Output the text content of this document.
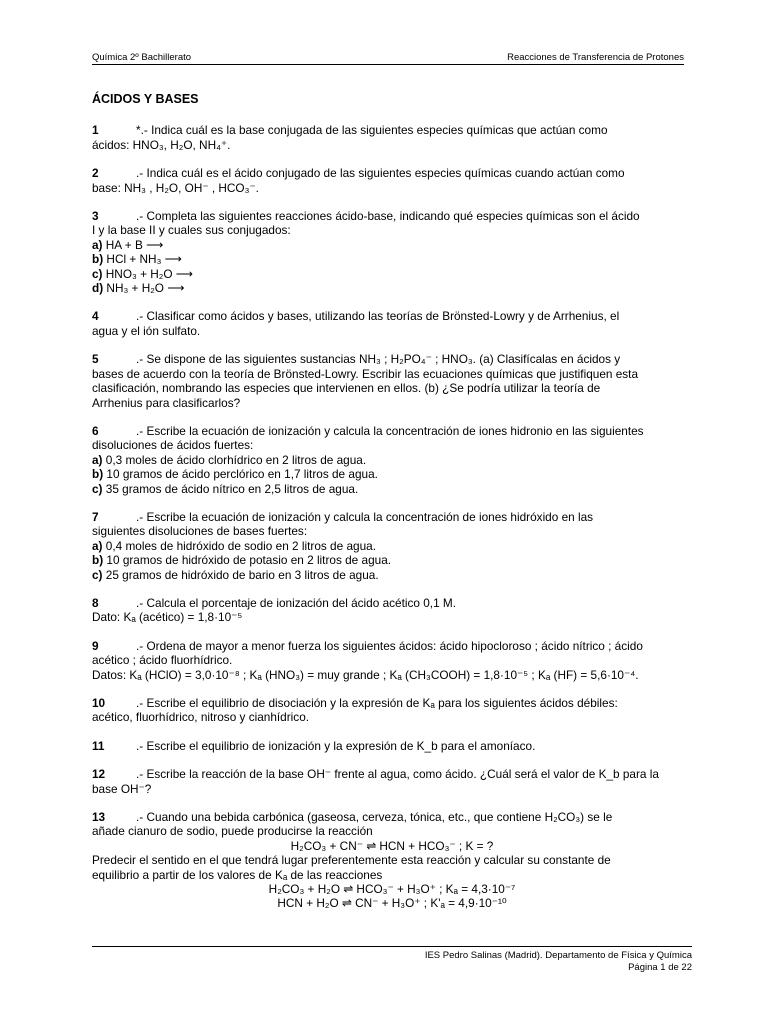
Química 2º Bachillerato	Reacciones de Transferencia de Protones
ÁCIDOS Y BASES

1	*.- Indica cuál es la base conjugada de las siguientes especies químicas que actúan como

ácidos: HNO₃, H₂O, NH₄⁺.

2	.- Indica cuál es el ácido conjugado de las siguientes especies químicas cuando actúan como

base: NH₃ , H₂O, OH⁻ , HCO₃⁻.

3	.- Completa las siguientes reacciones ácido-base, indicando qué especies químicas son el ácido

I y la base II y cuales sus conjugados:

a) HA + B ⟶

b) HCl + NH₃ ⟶

c) HNO₃ + H₂O ⟶

d) NH₃ + H₂O ⟶

4	.- Clasificar como ácidos y bases, utilizando las teorías de Brönsted-Lowry y de Arrhenius, el

agua y el ión sulfato.

5	.- Se dispone de las siguientes sustancias NH₃ ; H₂PO₄⁻ ; HNO₃. (a) Clasifícalas en ácidos y

bases de acuerdo con la teoría de Brönsted-Lowry. Escribir las ecuaciones químicas que justifiquen esta

clasificación, nombrando las especies que intervienen en ellos. (b) ¿Se podría utilizar la teoría de

Arrhenius para clasificarlos?

6	.- Escribe la ecuación de ionización y calcula la concentración de iones hidronio en las siguientes

disoluciones de ácidos fuertes:

a) 0,3 moles de ácido clorhídrico en 2 litros de agua.

b) 10 gramos de ácido perclórico en 1,7 litros de agua.

c) 35 gramos de ácido nítrico en 2,5 litros de agua.

7	.- Escribe la ecuación de ionización y calcula la concentración de iones hidróxido en las

siguientes disoluciones de bases fuertes:

a) 0,4 moles de hidróxido de sodio en 2 litros de agua.

b) 10 gramos de hidróxido de potasio en 2 litros de agua.

c) 25 gramos de hidróxido de bario en 3 litros de agua.

8	.- Calcula el porcentaje de ionización del ácido acético 0,1 M.

Dato: Kₐ (acético) = 1,8·10⁻⁵

9	.- Ordena de mayor a menor fuerza los siguientes ácidos: ácido hipocloroso ; ácido nítrico ; ácido

acético ; ácido fluorhídrico.

Datos: Kₐ (HClO) = 3,0·10⁻⁸ ; Kₐ (HNO₃) = muy grande ; Kₐ (CH₃COOH) = 1,8·10⁻⁵ ; Kₐ (HF) = 5,6·10⁻⁴.

10	.- Escribe el equilibrio de disociación y la expresión de Kₐ para los siguientes ácidos débiles:

acético, fluorhídrico, nitroso y cianhídrico.

11	.- Escribe el equilibrio de ionización y la expresión de K_b para el amoníaco.

12	.- Escribe la reacción de la base OH⁻ frente al agua, como ácido. ¿Cuál será el valor de K_b para la

base OH⁻?

13	.- Cuando una bebida carbónica (gaseosa, cerveza, tónica, etc., que contiene H₂CO₃) se le

añade cianuro de sodio, puede producirse la reacción

H₂CO₃ + CN⁻ ⇌ HCN + HCO₃⁻ ; K = ?

Predecir el sentido en el que tendrá lugar preferentemente esta reacción y calcular su constante de

equilibrio a partir de los valores de Kₐ de las reacciones

H₂CO₃ + H₂O ⇌ HCO₃⁻ + H₃O⁺ ; Kₐ = 4,3·10⁻⁷

HCN + H₂O ⇌ CN⁻ + H₃O⁺ ; K'ₐ = 4,9·10⁻¹⁰

IES Pedro Salinas (Madrid). Departamento de Física y Química
Página 1 de 22
